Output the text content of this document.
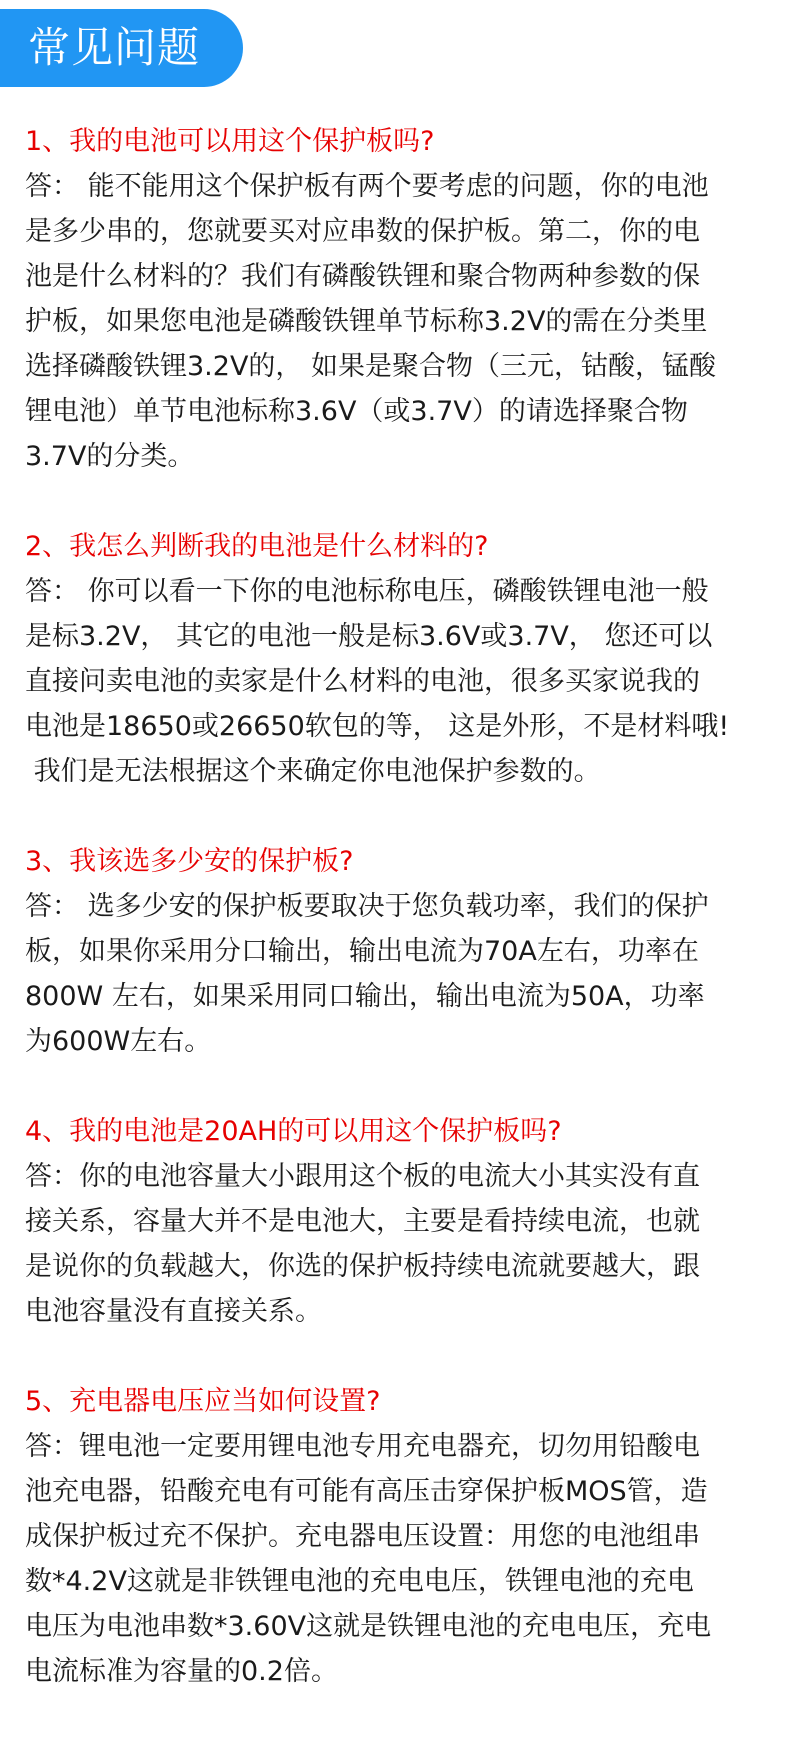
常见问题
1、我的电池可以用这个保护板吗?

答： 能不能用这个保护板有两个要考虑的问题，你的电池
是多少串的，您就要买对应串数的保护板。第二，你的电
池是什么材料的？我们有磷酸铁锂和聚合物两种参数的保
护板，如果您电池是磷酸铁锂单节标称3.2V的需在分类里
选择磷酸铁锂3.2V的， 如果是聚合物（三元，钴酸，锰酸
锂电池）单节电池标称3.6V（或3.7V）的请选择聚合物
3.7V的分类。

2、我怎么判断我的电池是什么材料的?

答： 你可以看一下你的电池标称电压，磷酸铁锂电池一般
是标3.2V， 其它的电池一般是标3.6V或3.7V， 您还可以
直接问卖电池的卖家是什么材料的电池，很多买家说我的
电池是18650或26650软包的等， 这是外形，不是材料哦!
我们是无法根据这个来确定你电池保护参数的。

3、我该选多少安的保护板?

答： 选多少安的保护板要取决于您负载功率，我们的保护
板，如果你采用分口输出，输出电流为70A左右，功率在
800W 左右，如果采用同口输出，输出电流为50A，功率
为600W左右。

4、我的电池是20AH的可以用这个保护板吗?

答：你的电池容量大小跟用这个板的电流大小其实没有直
接关系，容量大并不是电池大，主要是看持续电流，也就
是说你的负载越大，你选的保护板持续电流就要越大，跟
电池容量没有直接关系。

5、充电器电压应当如何设置?

答：锂电池一定要用锂电池专用充电器充，切勿用铅酸电
池充电器，铅酸充电有可能有高压击穿保护板MOS管，造
成保护板过充不保护。充电器电压设置：用您的电池组串
数*4.2V这就是非铁锂电池的充电电压，铁锂电池的充电
电压为电池串数*3.60V这就是铁锂电池的充电电压，充电
电流标准为容量的0.2倍。
